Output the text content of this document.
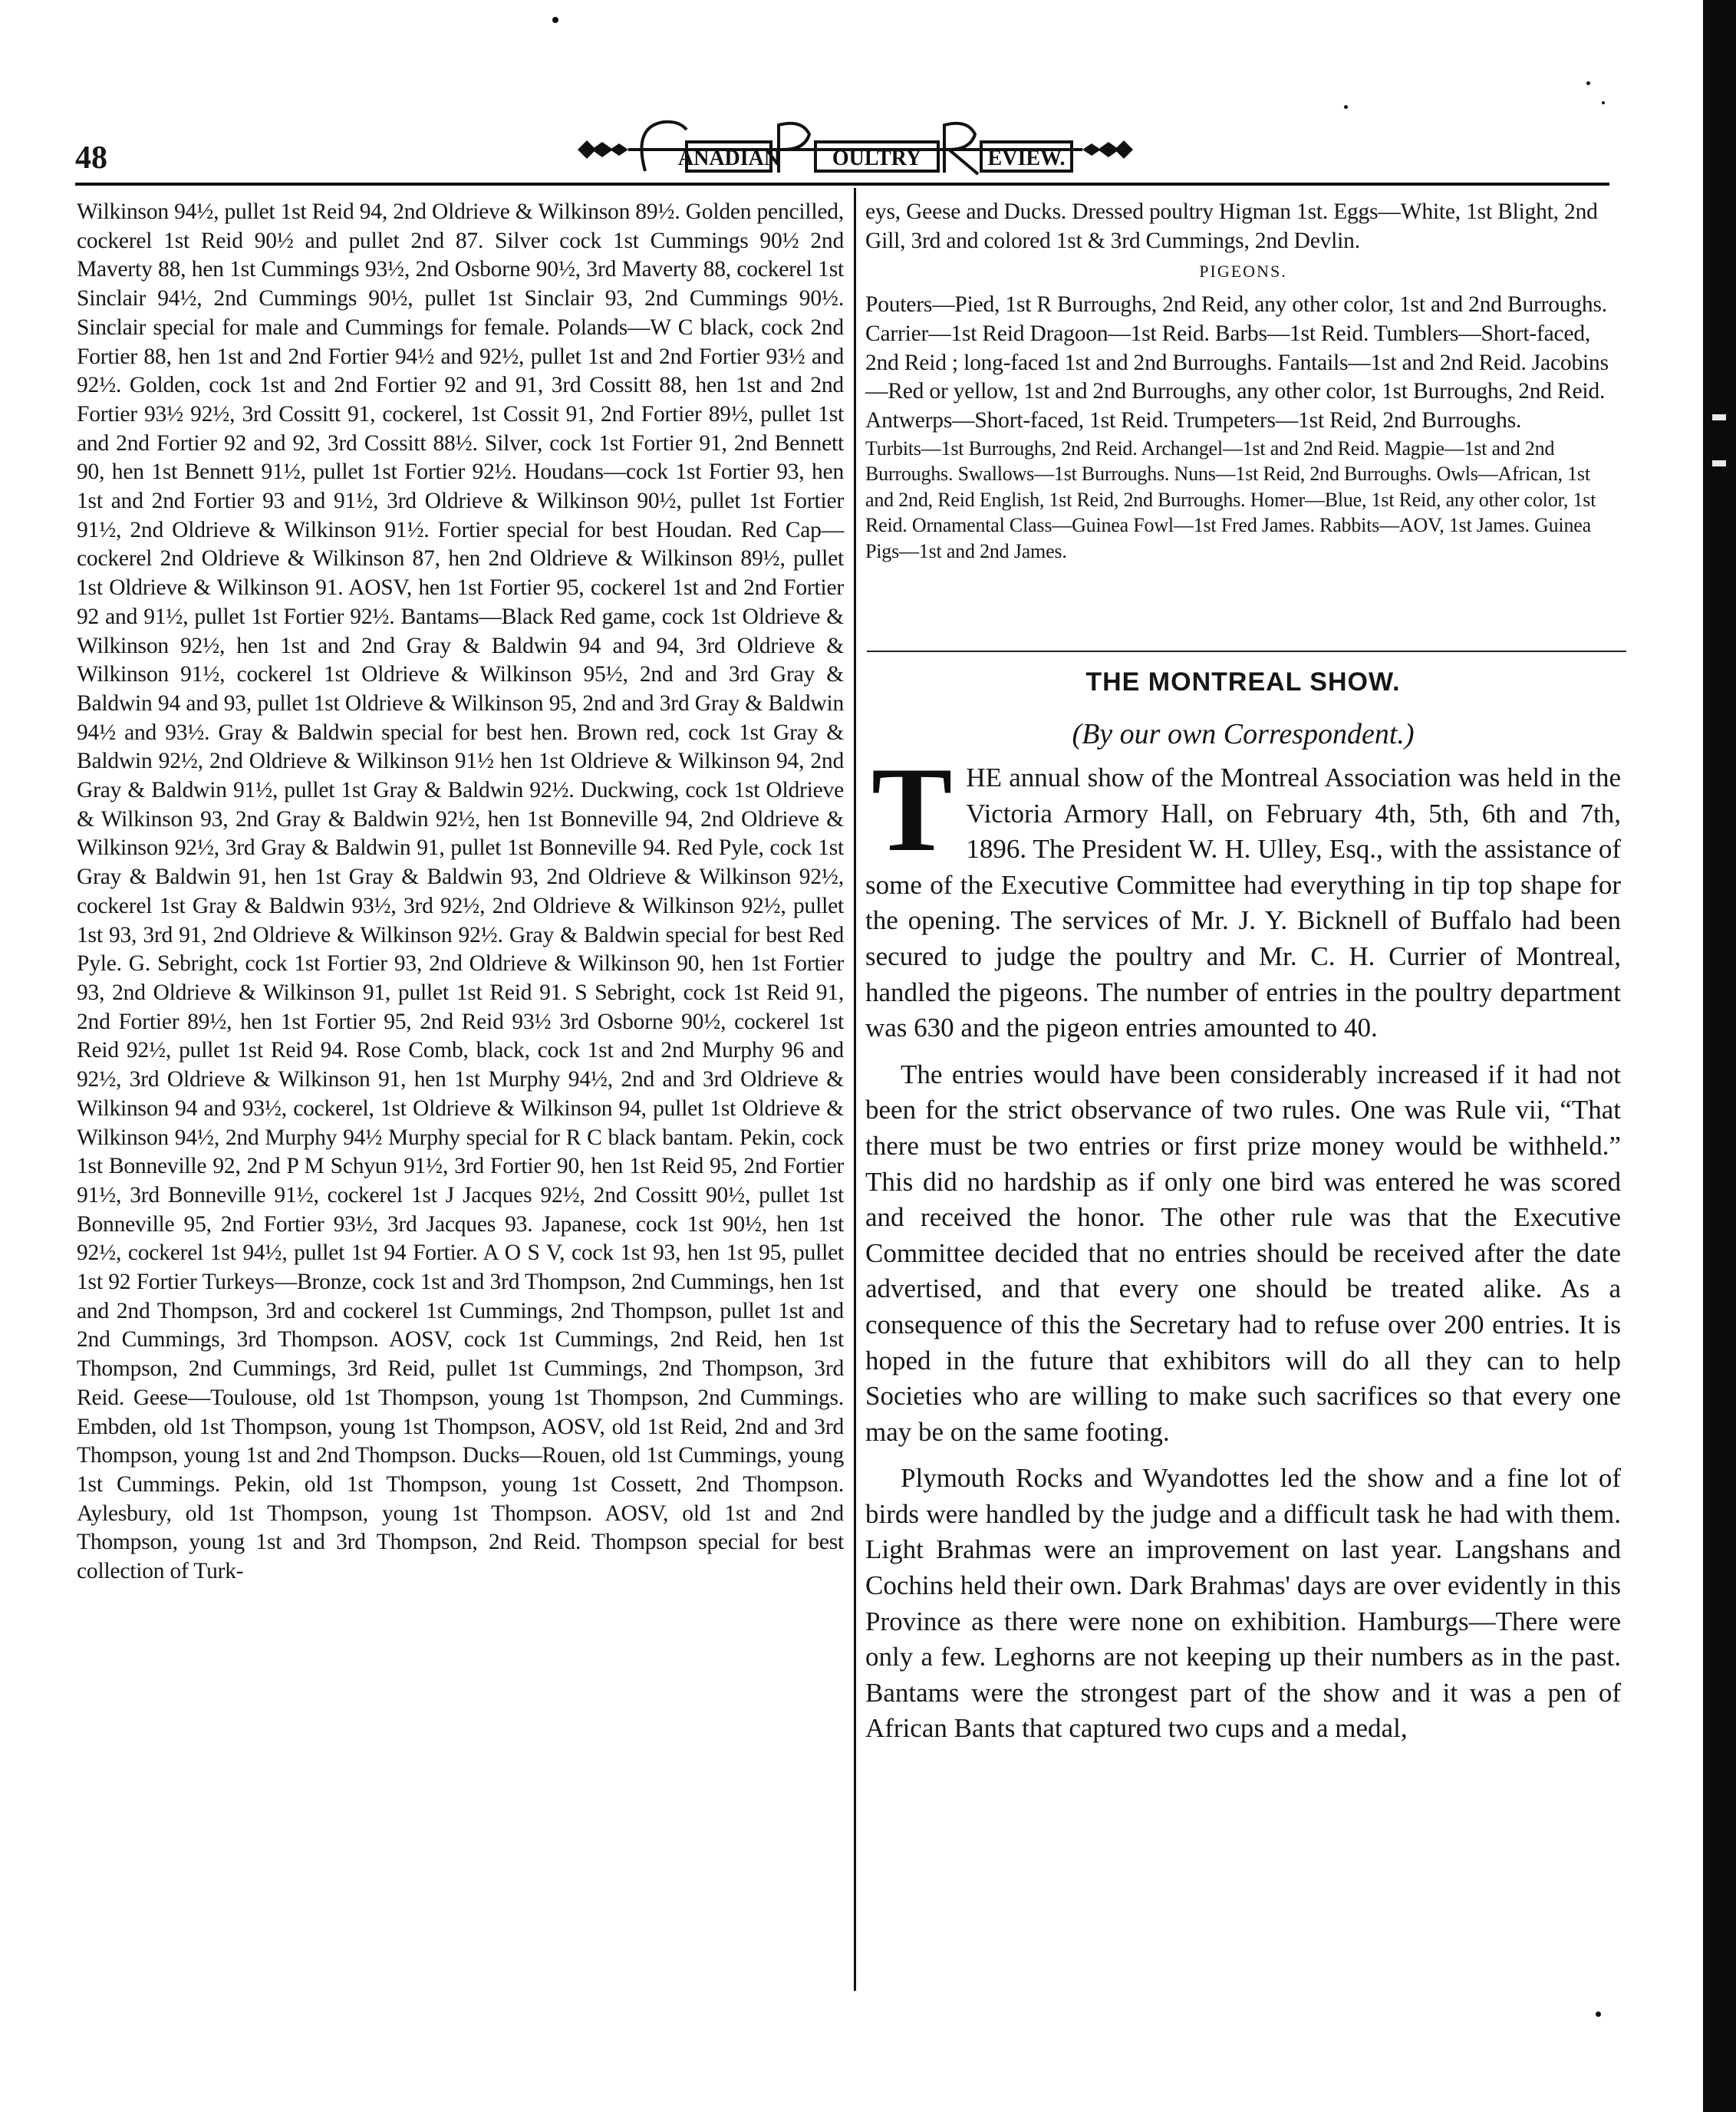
48	ANADIAN OULTRY	EVIEW.

Wilkinson 94½, pullet 1st Reid 94, 2nd Oldrieve & Wilkinson 89½. Golden pencilled, cockerel 1st Reid 90½ and pullet 2nd 87. Silver cock 1st Cummings 90½ 2nd Maverty 88, hen 1st Cummings 93½, 2nd Osborne 90½, 3rd Maverty 88, cockerel 1st Sinclair 94½, 2nd Cummings 90½, pullet 1st Sinclair 93, 2nd Cummings 90½. Sinclair special for male and Cummings for female. Polands—W C black, cock 2nd Fortier 88, hen 1st and 2nd Fortier 94½ and 92½, pullet 1st and 2nd Fortier 93½ and 92½. Golden, cock 1st and 2nd Fortier 92 and 91, 3rd Cossitt 88, hen 1st and 2nd Fortier 93½ 92½, 3rd Cossitt 91, cockerel, 1st Cossit 91, 2nd Fortier 89½, pullet 1st and 2nd Fortier 92 and 92, 3rd Cossitt 88½. Silver, cock 1st Fortier 91, 2nd Bennett 90, hen 1st Bennett 91½, pullet 1st Fortier 92½. Houdans—cock 1st Fortier 93, hen 1st and 2nd Fortier 93 and 91½, 3rd Oldrieve & Wilkinson 90½, pullet 1st Fortier 91½, 2nd Oldrieve & Wilkinson 91½. Fortier special for best Houdan. Red Cap—cockerel 2nd Oldrieve & Wilkinson 87, hen 2nd Oldrieve & Wilkinson 89½, pullet 1st Oldrieve & Wilkinson 91. AOSV, hen 1st Fortier 95, cockerel 1st and 2nd Fortier 92 and 91½, pullet 1st Fortier 92½. Bantams—Black Red game, cock 1st Oldrieve & Wilkinson 92½, hen 1st and 2nd Gray & Baldwin 94 and 94, 3rd Oldrieve & Wilkinson 91½, cockerel 1st Oldrieve & Wilkinson 95½, 2nd and 3rd Gray & Baldwin 94 and 93, pullet 1st Oldrieve & Wilkinson 95, 2nd and 3rd Gray & Baldwin 94½ and 93½. Gray & Baldwin special for best hen. Brown red, cock 1st Gray & Baldwin 92½, 2nd Oldrieve & Wilkinson 91½ hen 1st Oldrieve & Wilkinson 94, 2nd Gray & Baldwin 91½, pullet 1st Gray & Baldwin 92½. Duckwing, cock 1st Oldrieve & Wilkinson 93, 2nd Gray & Baldwin 92½, hen 1st Bonneville 94, 2nd Oldrieve & Wilkinson 92½, 3rd Gray & Baldwin 91, pullet 1st Bonneville 94. Red Pyle, cock 1st Gray & Baldwin 91, hen 1st Gray & Baldwin 93, 2nd Oldrieve & Wilkinson 92½, cockerel 1st Gray & Baldwin 93½, 3rd 92½, 2nd Oldrieve & Wilkinson 92½, pullet 1st 93, 3rd 91, 2nd Oldrieve & Wilkinson 92½. Gray & Baldwin special for best Red Pyle. G. Sebright, cock 1st Fortier 93, 2nd Oldrieve & Wilkinson 90, hen 1st Fortier 93, 2nd Oldrieve & Wilkinson 91, pullet 1st Reid 91. S Sebright, cock 1st Reid 91, 2nd Fortier 89½, hen 1st Fortier 95, 2nd Reid 93½ 3rd Osborne 90½, cockerel 1st Reid 92½, pullet 1st Reid 94. Rose Comb, black, cock 1st and 2nd Murphy 96 and 92½, 3rd Oldrieve & Wilkinson 91, hen 1st Murphy 94½, 2nd and 3rd Oldrieve & Wilkinson 94 and 93½, cockerel, 1st Oldrieve & Wilkinson 94, pullet 1st Oldrieve & Wilkinson 94½, 2nd Murphy 94½ Murphy special for R C black bantam. Pekin, cock 1st Bonneville 92, 2nd P M Schyun 91½, 3rd Fortier 90, hen 1st Reid 95, 2nd Fortier 91½, 3rd Bonneville 91½, cockerel 1st J Jacques 92½, 2nd Cossitt 90½, pullet 1st Bonneville 95, 2nd Fortier 93½, 3rd Jacques 93. Japanese, cock 1st 90½, hen 1st 92½, cockerel 1st 94½, pullet 1st 94 Fortier. A O S V, cock 1st 93, hen 1st 95, pullet 1st 92 Fortier Turkeys—Bronze, cock 1st and 3rd Thompson, 2nd Cummings, hen 1st and 2nd Thompson, 3rd and cockerel 1st Cummings, 2nd Thompson, pullet 1st and 2nd Cummings, 3rd Thompson. AOSV, cock 1st Cummings, 2nd Reid, hen 1st Thompson, 2nd Cummings, 3rd Reid, pullet 1st Cummings, 2nd Thompson, 3rd Reid. Geese—Toulouse, old 1st Thompson, young 1st Thompson, 2nd Cummings. Embden, old 1st Thompson, young 1st Thompson, AOSV, old 1st Reid, 2nd and 3rd Thompson, young 1st and 2nd Thompson. Ducks—Rouen, old 1st Cummings, young 1st Cummings. Pekin, old 1st Thompson, young 1st Cossett, 2nd Thompson. Aylesbury, old 1st Thompson, young 1st Thompson. AOSV, old 1st and 2nd Thompson, young 1st and 3rd Thompson, 2nd Reid. Thompson special for best collection of Turk-

eys, Geese and Ducks. Dressed poultry Higman 1st. Eggs—White, 1st Blight, 2nd Gill, 3rd and colored 1st & 3rd Cummings, 2nd Devlin.

PIGEONS.

Pouters—Pied, 1st R Burroughs, 2nd Reid, any other color, 1st and 2nd Burroughs. Carrier—1st Reid Dragoon—1st Reid. Barbs—1st Reid. Tumblers—Short-faced, 2nd Reid ; long-faced 1st and 2nd Burroughs. Fantails—1st and 2nd Reid. Jacobins—Red or yellow, 1st and 2nd Burroughs, any other color, 1st Burroughs, 2nd Reid. Antwerps—Short-faced, 1st Reid. Trumpeters—1st Reid, 2nd Burroughs.

Turbits—1st Burroughs, 2nd Reid. Archangel—1st and 2nd Reid. Magpie—1st and 2nd Burroughs. Swallows—1st Burroughs. Nuns—1st Reid, 2nd Burroughs. Owls—African, 1st and 2nd, Reid English, 1st Reid, 2nd Burroughs. Homer—Blue, 1st Reid, any other color, 1st Reid. Ornamental Class—Guinea Fowl—1st Fred James. Rabbits—AOV, 1st James. Guinea Pigs—1st and 2nd James.

THE MONTREAL SHOW.
(By our own Correspondent.)

THE annual show of the Montreal Association was held in the Victoria Armory Hall, on February 4th, 5th, 6th and 7th, 1896. The President W. H. Ulley, Esq., with the assistance of some of the Executive Committee had everything in tip top shape for the opening. The services of Mr. J. Y. Bicknell of Buffalo had been secured to judge the poultry and Mr. C. H. Currier of Montreal, handled the pigeons. The number of entries in the poultry department was 630 and the pigeon entries amounted to 40.

The entries would have been considerably increased if it had not been for the strict observance of two rules. One was Rule vii, “That there must be two entries or first prize money would be withheld.” This did no hardship as if only one bird was entered he was scored and received the honor. The other rule was that the Executive Committee decided that no entries should be received after the date advertised, and that every one should be treated alike. As a consequence of this the Secretary had to refuse over 200 entries. It is hoped in the future that exhibitors will do all they can to help Societies who are willing to make such sacrifices so that every one may be on the same footing.

Plymouth Rocks and Wyandottes led the show and a fine lot of birds were handled by the judge and a difficult task he had with them. Light Brahmas were an improvement on last year. Langshans and Cochins held their own. Dark Brahmas' days are over evidently in this Province as there were none on exhibition. Hamburgs—There were only a few. Leghorns are not keeping up their numbers as in the past. Bantams were the strongest part of the show and it was a pen of African Bants that captured two cups and a medal,
